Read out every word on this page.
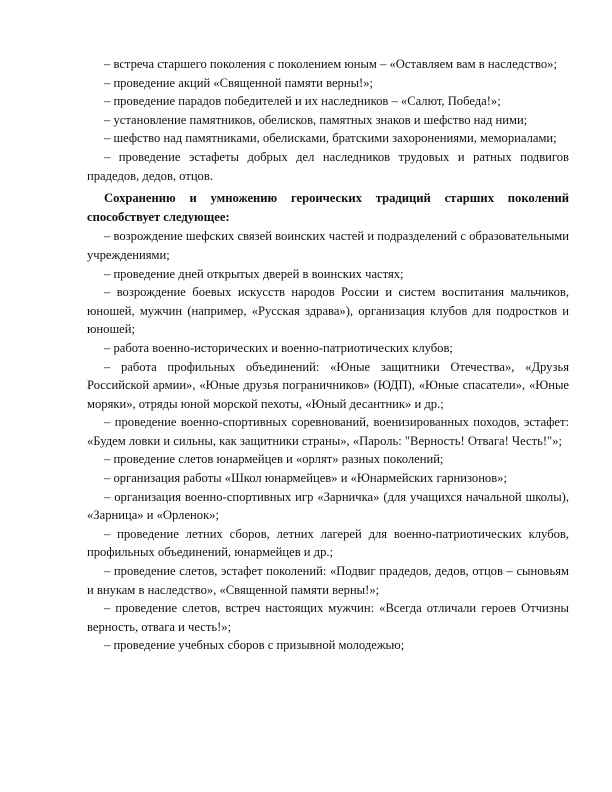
– встреча старшего поколения с поколением юным – «Оставляем вам в наследство»;

– проведение акций «Священной памяти верны!»;

– проведение парадов победителей и их наследников – «Салют, Победа!»;

– установление памятников, обелисков, памятных знаков и шефство над ними;

– шефство над памятниками, обелисками, братскими захоронениями, мемориалами;

– проведение эстафеты добрых дел наследников трудовых и ратных подвигов прадедов, дедов, отцов.

Сохранению и умножению героических традиций старших поколений способствует следующее:

– возрождение шефских связей воинских частей и подразделений с образовательными учреждениями;

– проведение дней открытых дверей в воинских частях;

– возрождение боевых искусств народов России и систем воспитания мальчиков, юношей, мужчин (например, «Русская здрава»), организация клубов для подростков и юношей;

– работа военно-исторических и военно-патриотических клубов;

– работа профильных объединений: «Юные защитники Отечества», «Друзья Российской армии», «Юные друзья пограничников» (ЮДП), «Юные спасатели», «Юные моряки», отряды юной морской пехоты, «Юный десантник» и др.;

– проведение военно-спортивных соревнований, военизированных походов, эстафет: «Будем ловки и сильны, как защитники страны», «Пароль: "Верность! Отвага! Честь!"»;

– проведение слетов юнармейцев и «орлят» разных поколений;

– организация работы «Школ юнармейцев» и «Юнармейских гарнизонов»;

– организация военно-спортивных игр «Зарничка» (для учащихся начальной школы), «Зарница» и «Орленок»;

– проведение летних сборов, летних лагерей для военно-патриотических клубов, профильных объединений, юнармейцев и др.;

– проведение слетов, эстафет поколений: «Подвиг прадедов, дедов, отцов – сыновьям и внукам в наследство», «Священной памяти верны!»;

– проведение слетов, встреч настоящих мужчин: «Всегда отличали героев Отчизны верность, отвага и честь!»;

– проведение учебных сборов с призывной молодежью;
